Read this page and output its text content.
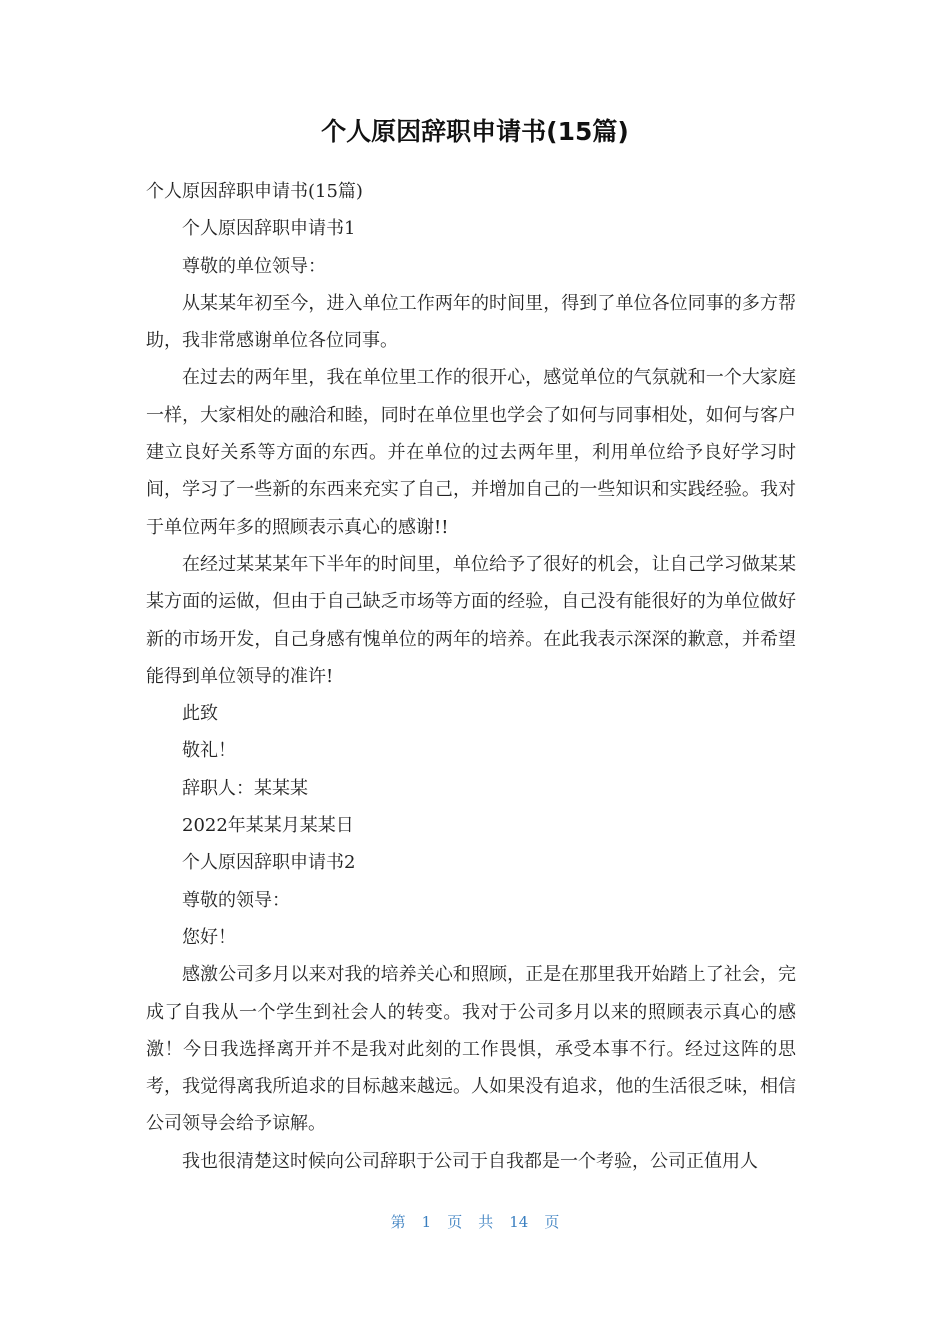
个人原因辞职申请书(15篇)

个人原因辞职申请书(15篇)

个人原因辞职申请书1

尊敬的单位领导：

从某某年初至今，进入单位工作两年的时间里，得到了单位各位同事的多方帮助，我非常感谢单位各位同事。

在过去的两年里，我在单位里工作的很开心，感觉单位的气氛就和一个大家庭一样，大家相处的融洽和睦，同时在单位里也学会了如何与同事相处，如何与客户建立良好关系等方面的东西。并在单位的过去两年里，利用单位给予良好学习时间，学习了一些新的东西来充实了自己，并增加自己的一些知识和实践经验。我对于单位两年多的照顾表示真心的感谢!!

在经过某某某年下半年的时间里，单位给予了很好的机会，让自己学习做某某某方面的运做，但由于自己缺乏市场等方面的经验，自己没有能很好的为单位做好新的市场开发，自己身感有愧单位的两年的培养。在此我表示深深的歉意，并希望能得到单位领导的准许!

此致

敬礼！

辞职人：某某某

2022年某某月某某日

个人原因辞职申请书2

尊敬的领导：

您好！

感激公司多月以来对我的培养关心和照顾，正是在那里我开始踏上了社会，完成了自我从一个学生到社会人的转变。我对于公司多月以来的照顾表示真心的感激！今日我选择离开并不是我对此刻的工作畏惧，承受本事不行。经过这阵的思考，我觉得离我所追求的目标越来越远。人如果没有追求，他的生活很乏味，相信公司领导会给予谅解。

我也很清楚这时候向公司辞职于公司于自我都是一个考验，公司正值用人

第 1 页 共 14 页
